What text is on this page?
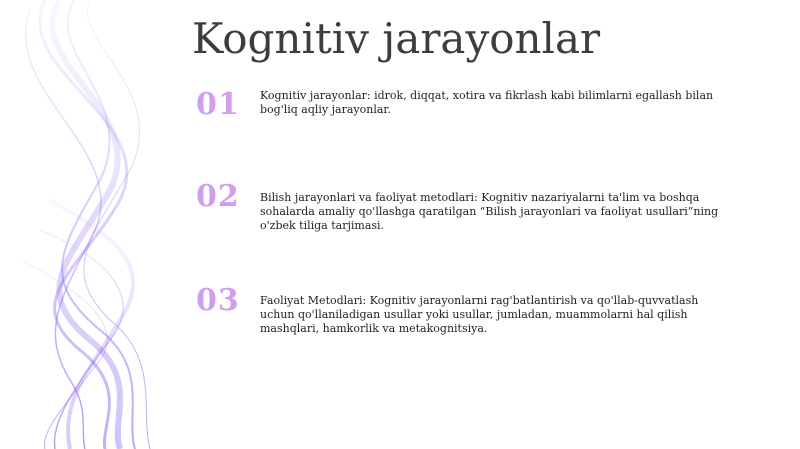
Kognitiv jarayonlar
01	Kognitiv jarayonlar: idrok, diqqat, xotira va fikrlash kabi bilimlarni egallash bilan bog'liq aqliy jarayonlar.
02	Bilish jarayonlari va faoliyat metodlari: Kognitiv nazariyalarni ta'lim va boshqa sohalarda amaliy qo'llashga qaratilgan “Bilish jarayonlari va faoliyat usullari”ning o'zbek tiliga tarjimasi.
03	Faoliyat Metodlari: Kognitiv jarayonlarni rag'batlantirish va qo'llab-quvvatlash uchun qo'llaniladigan usullar yoki usullar, jumladan, muammolarni hal qilish mashqlari, hamkorlik va metakognitsiya.
